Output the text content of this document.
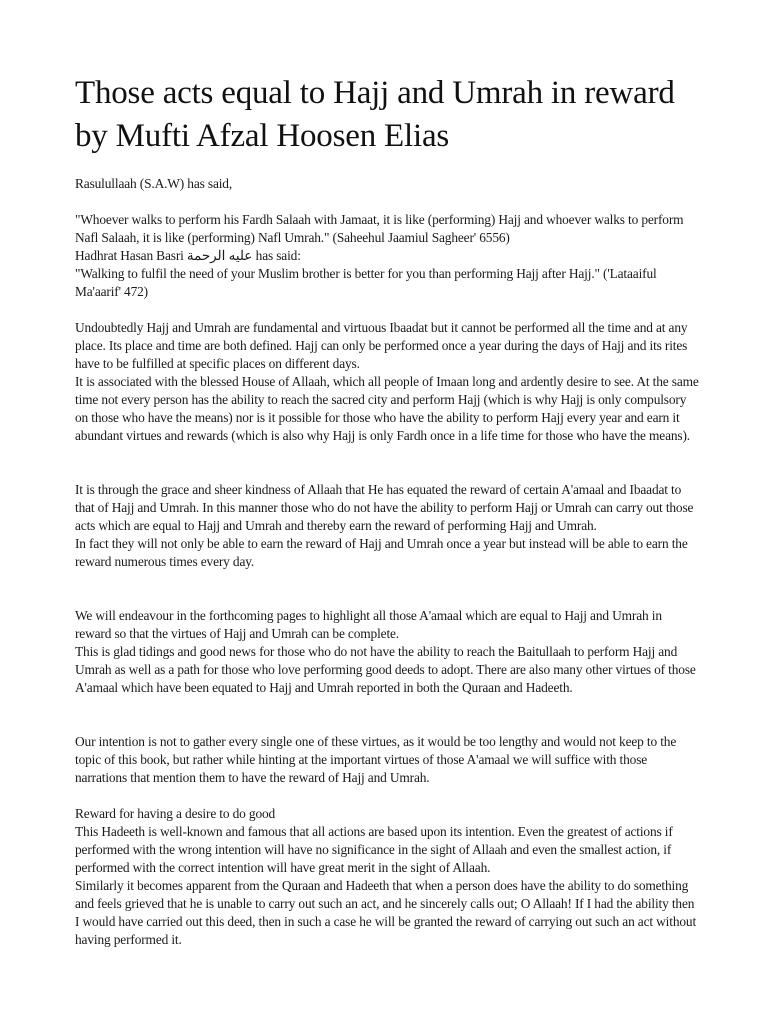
Those acts equal to Hajj and Umrah in reward by Mufti Afzal Hoosen Elias

Rasulullaah (S.A.W) has said,

"Whoever walks to perform his Fardh Salaah with Jamaat, it is like (performing) Hajj and whoever walks to perform Nafl Salaah, it is like (performing) Nafl Umrah." (Saheehul Jaamiul Sagheer' 6556)

Hadhrat Hasan Basri عليه الرحمة has said:

"Walking to fulfil the need of your Muslim brother is better for you than performing Hajj after Hajj." ('Lataaiful Ma'aarif' 472)

Undoubtedly Hajj and Umrah are fundamental and virtuous Ibaadat but it cannot be performed all the time and at any place. Its place and time are both defined. Hajj can only be performed once a year during the days of Hajj and its rites have to be fulfilled at specific places on different days.

It is associated with the blessed House of Allaah, which all people of Imaan long and ardently desire to see. At the same time not every person has the ability to reach the sacred city and perform Hajj (which is why Hajj is only compulsory on those who have the means) nor is it possible for those who have the ability to perform Hajj every year and earn it abundant virtues and rewards (which is also why Hajj is only Fardh once in a life time for those who have the means).

It is through the grace and sheer kindness of Allaah that He has equated the reward of certain A'amaal and Ibaadat to that of Hajj and Umrah. In this manner those who do not have the ability to perform Hajj or Umrah can carry out those acts which are equal to Hajj and Umrah and thereby earn the reward of performing Hajj and Umrah.

In fact they will not only be able to earn the reward of Hajj and Umrah once a year but instead will be able to earn the reward numerous times every day.

We will endeavour in the forthcoming pages to highlight all those A'amaal which are equal to Hajj and Umrah in reward so that the virtues of Hajj and Umrah can be complete.

This is glad tidings and good news for those who do not have the ability to reach the Baitullaah to perform Hajj and Umrah as well as a path for those who love performing good deeds to adopt. There are also many other virtues of those A'amaal which have been equated to Hajj and Umrah reported in both the Quraan and Hadeeth.

Our intention is not to gather every single one of these virtues, as it would be too lengthy and would not keep to the topic of this book, but rather while hinting at the important virtues of those A'amaal we will suffice with those narrations that mention them to have the reward of Hajj and Umrah.

Reward for having a desire to do good

This Hadeeth is well-known and famous that all actions are based upon its intention. Even the greatest of actions if performed with the wrong intention will have no significance in the sight of Allaah and even the smallest action, if performed with the correct intention will have great merit in the sight of Allaah.

Similarly it becomes apparent from the Quraan and Hadeeth that when a person does have the ability to do something and feels grieved that he is unable to carry out such an act, and he sincerely calls out; O Allaah! If I had the ability then I would have carried out this deed, then in such a case he will be granted the reward of carrying out such an act without having performed it.
